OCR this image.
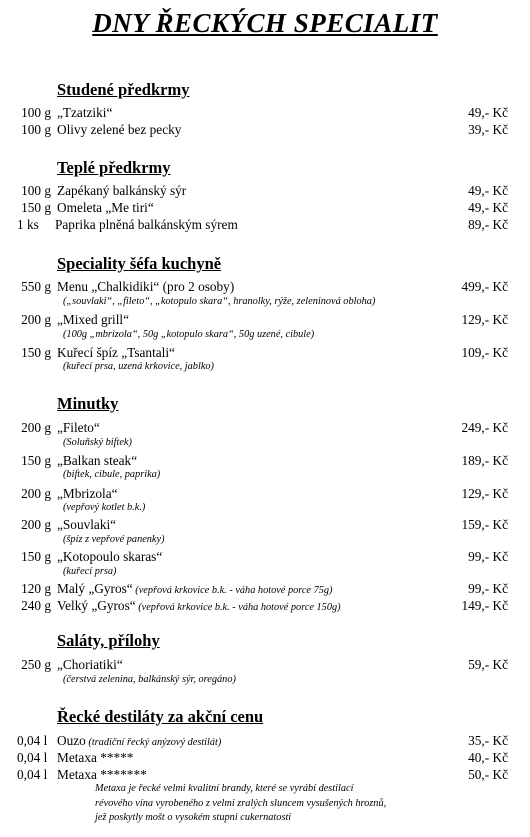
DNY ŘECKÝCH SPECIALIT
Studené předkrmy
100 g „Tzatziki“	49,- Kč
100 g Olivy zelené bez pecky	39,- Kč
Teplé předkrmy
100 g Zapékaný balkánský sýr	49,- Kč
150 g Omeleta „Me tiri“	49,- Kč
1 ks Paprika plněná balkánským sýrem	89,- Kč
Speciality šéfa kuchyně
550 g Menu „Chalkidiki“ (pro 2 osoby)	499,- Kč
(„souvlaki“, „fileto“, „kotopulo skara“, hranolky, rýže, zeleninová obloha)
200 g „Mixed grill“	129,- Kč
(100g „mbrizola“, 50g „kotopulo skara“, 50g uzené, cibule)
150 g Kuřecí špíz „Tsantali“	109,- Kč
(kuřecí prsa, uzená krkovice, jablko)
Minutky
200 g „Fileto“	249,- Kč
(Soluňský biftek)
150 g „Balkan steak“	189,- Kč
(biftek, cibule, paprika)
200 g „Mbrizola“	129,- Kč
(vepřový kotlet b.k.)
200 g „Souvlaki“	159,- Kč
(špíz z vepřové panenky)
150 g „Kotopoulo skaras“	99,- Kč
(kuřecí prsa)
120 g Malý „Gyros“ (vepřová krkovice b.k. - váha hotové porce 75g)	99,- Kč
240 g Velký „Gyros“ (vepřová krkovice b.k. - váha hotové porce 150g)	149,- Kč
Saláty, přílohy
250 g „Choriatiki“	59,- Kč
(čerstvá zelenina, balkánský sýr, oregáno)
Řecké destiláty za akční cenu
0,04 l Ouzo (tradiční řecký anýzový destilát)	35,- Kč
0,04 l Metaxa *****	40,- Kč
0,04 l Metaxa *******	50,- Kč
Metaxa je řecké velmi kvalitní brandy, které se vyrábí destilací
révového vína vyrobeného z velmi zralých sluncem vysušených hroznů,
jež poskytly mošt o vysokém stupni cukernatosti
